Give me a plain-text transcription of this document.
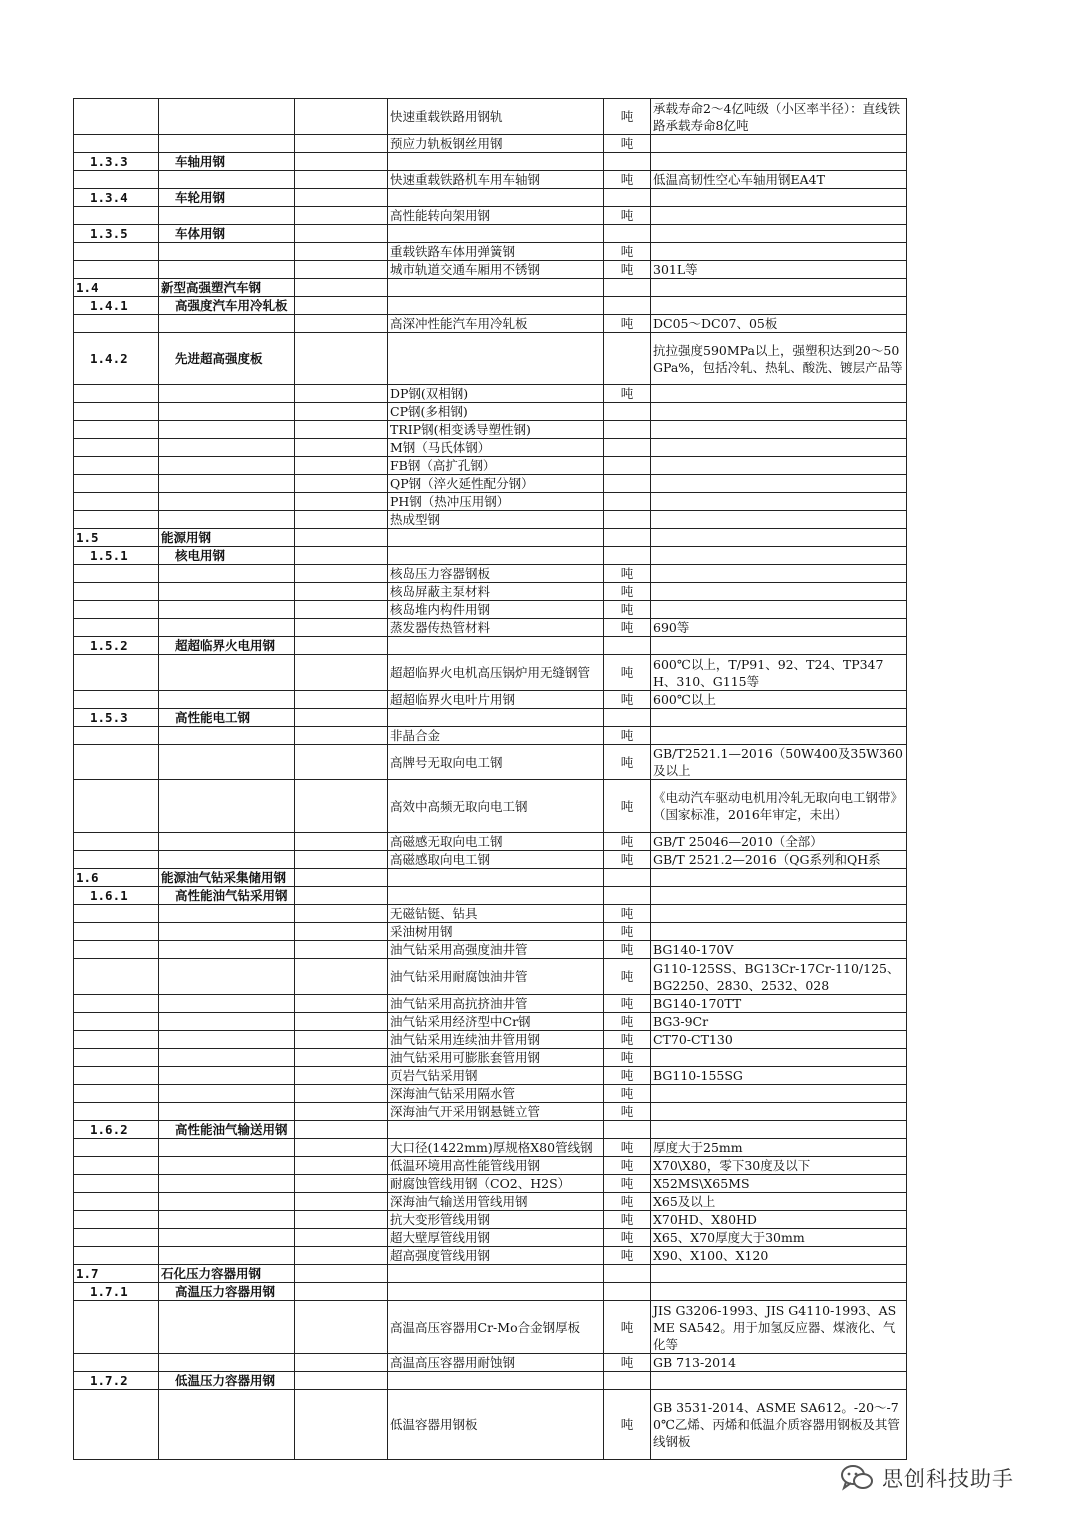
			快速重载铁路用钢轨	吨	承载寿命2～4亿吨级（小区率半径）：直线铁路承载寿命8亿吨
			预应力轨板钢丝用钢	吨	
1.3.3	车轴用钢				
			快速重载铁路机车用车轴钢	吨	低温高韧性空心车轴用钢EA4T
1.3.4	车轮用钢				
			高性能转向架用钢	吨	
1.3.5	车体用钢				
			重载铁路车体用弹簧钢	吨	
			城市轨道交通车厢用不锈钢	吨	301L等
1.4	新型高强塑汽车钢				
1.4.1	高强度汽车用冷轧板				
			高深冲性能汽车用冷轧板	吨	DC05～DC07、05板
1.4.2	先进超高强度板				抗拉强度590MPa以上，强塑积达到20～50GPa%，包括冷轧、热轧、酸洗、镀层产品等
			DP钢(双相钢)	吨	
			CP钢(多相钢)		
			TRIP钢(相变诱导塑性钢)		
			M钢（马氏体钢）		
			FB钢（高扩孔钢）		
			QP钢（淬火延性配分钢）		
			PH钢（热冲压用钢）		
			热成型钢		
1.5	能源用钢				
1.5.1	核电用钢				
			核岛压力容器钢板	吨	
			核岛屏蔽主泵材料	吨	
			核岛堆内构件用钢	吨	
			蒸发器传热管材料	吨	690等
1.5.2	超超临界火电用钢				
			超超临界火电机高压锅炉用无缝钢管	吨	600℃以上，T/P91、92、T24、TP347H、310、G115等
			超超临界火电叶片用钢	吨	600℃以上
1.5.3	高性能电工钢				
			非晶合金	吨	
			高牌号无取向电工钢	吨	GB/T2521.1—2016（50W400及35W360及以上
			高效中高频无取向电工钢	吨	《电动汽车驱动电机用冷轧无取向电工钢带》（国家标准，2016年审定，未出）
			高磁感无取向电工钢	吨	GB/T 25046—2010（全部）
			高磁感取向电工钢	吨	GB/T 2521.2—2016（QG系列和QH系
1.6	能源油气钻采集储用钢				
1.6.1	高性能油气钻采用钢				
			无磁钻铤、钻具	吨	
			采油树用钢	吨	
			油气钻采用高强度油井管	吨	BG140-170V
			油气钻采用耐腐蚀油井管	吨	G110-125SS、BG13Cr-17Cr-110/125、BG2250、2830、2532、028
			油气钻采用高抗挤油井管	吨	BG140-170TT
			油气钻采用经济型中Cr钢	吨	BG3-9Cr
			油气钻采用连续油井管用钢	吨	CT70-CT130
			油气钻采用可膨胀套管用钢	吨	
			页岩气钻采用钢	吨	BG110-155SG
			深海油气钻采用隔水管	吨	
			深海油气开采用钢悬链立管	吨	
1.6.2	高性能油气输送用钢				
			大口径(1422mm)厚规格X80管线钢	吨	厚度大于25mm
			低温环境用高性能管线用钢	吨	X70\X80，零下30度及以下
			耐腐蚀管线用钢（CO2、H2S）	吨	X52MS\X65MS
			深海油气输送用管线用钢	吨	X65及以上
			抗大变形管线用钢	吨	X70HD、X80HD
			超大壁厚管线用钢	吨	X65、X70厚度大于30mm
			超高强度管线用钢	吨	X90、X100、X120
1.7	石化压力容器用钢				
1.7.1	高温压力容器用钢				
			高温高压容器用Cr-Mo合金钢厚板	吨	JIS G3206-1993、JIS G4110-1993、ASME SA542。用于加氢反应器、煤液化、气化等
			高温高压容器用耐蚀钢	吨	GB 713-2014
1.7.2	低温压力容器用钢				
			低温容器用钢板	吨	GB 3531-2014、ASME SA612。-20～-70℃乙烯、丙烯和低温介质容器用钢板及其管线钢板
思创科技助手
